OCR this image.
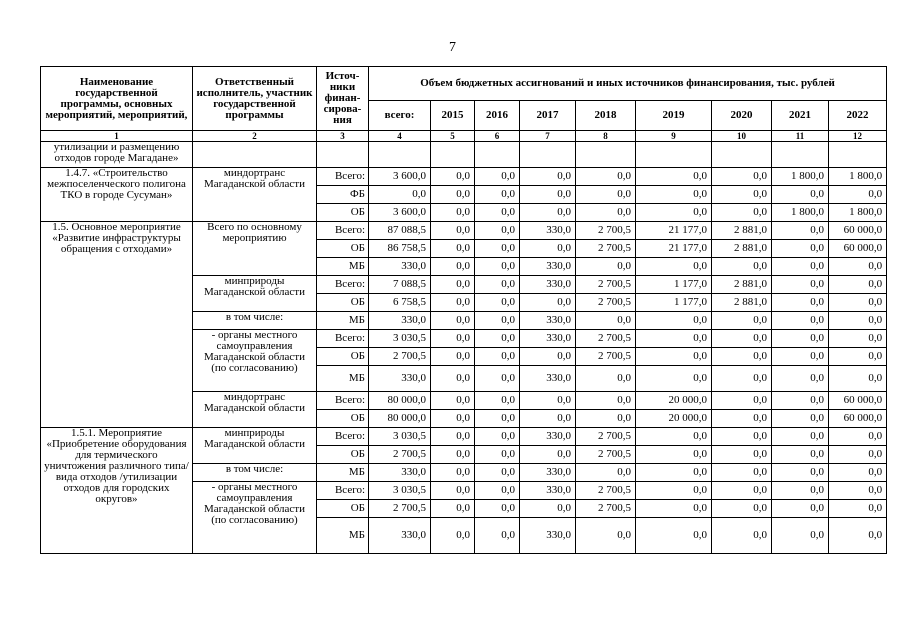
7
Наименование государственной программы, основных мероприятий, мероприятий,	Ответственный исполнитель, участник государственной программы	Источ-ники финан-сирова-ния	Объем бюджетных ассигнований и иных источников финансирования, тыс. рублей								
			всего:	2015	2016	2017	2018	2019	2020	2021	2022
1	2	3	4	5	6	7	8	9	10	11	12
утилизации и размещению отходов городе Магадане»											
1.4.7. «Строительство межпоселенческого полигона ТКО в городе Сусуман»	миндортранс Магаданской области	Всего:	3 600,0	0,0	0,0	0,0	0,0	0,0	0,0	1 800,0	1 800,0
		ФБ	0,0	0,0	0,0	0,0	0,0	0,0	0,0	0,0	0,0
		ОБ	3 600,0	0,0	0,0	0,0	0,0	0,0	0,0	1 800,0	1 800,0
1.5. Основное мероприятие «Развитие инфраструктуры обращения с отходами»	Всего по основному мероприятию	Всего:	87 088,5	0,0	0,0	330,0	2 700,5	21 177,0	2 881,0	0,0	60 000,0
		ОБ	86 758,5	0,0	0,0	0,0	2 700,5	21 177,0	2 881,0	0,0	60 000,0
		МБ	330,0	0,0	0,0	330,0	0,0	0,0	0,0	0,0	0,0
	минприроды Магаданской области	Всего:	7 088,5	0,0	0,0	330,0	2 700,5	1 177,0	2 881,0	0,0	0,0
		ОБ	6 758,5	0,0	0,0	0,0	2 700,5	1 177,0	2 881,0	0,0	0,0
	в том числе:	МБ	330,0	0,0	0,0	330,0	0,0	0,0	0,0	0,0	0,0
	- органы местного самоуправления Магаданской области (по согласованию)	Всего:	3 030,5	0,0	0,0	330,0	2 700,5	0,0	0,0	0,0	0,0
		ОБ	2 700,5	0,0	0,0	0,0	2 700,5	0,0	0,0	0,0	0,0
		МБ	330,0	0,0	0,0	330,0	0,0	0,0	0,0	0,0	0,0
	миндортранс Магаданской области	Всего:	80 000,0	0,0	0,0	0,0	0,0	20 000,0	0,0	0,0	60 000,0
		ОБ	80 000,0	0,0	0,0	0,0	0,0	20 000,0	0,0	0,0	60 000,0
1.5.1. Мероприятие «Приобретение оборудования для термического уничтожения различного типа/вида отходов /утилизации отходов для городских округов»	минприроды Магаданской области	Всего:	3 030,5	0,0	0,0	330,0	2 700,5	0,0	0,0	0,0	0,0
		ОБ	2 700,5	0,0	0,0	0,0	2 700,5	0,0	0,0	0,0	0,0
	в том числе:	МБ	330,0	0,0	0,0	330,0	0,0	0,0	0,0	0,0	0,0
	- органы местного самоуправления Магаданской области (по согласованию)	Всего:	3 030,5	0,0	0,0	330,0	2 700,5	0,0	0,0	0,0	0,0
		ОБ	2 700,5	0,0	0,0	0,0	2 700,5	0,0	0,0	0,0	0,0
		МБ	330,0	0,0	0,0	330,0	0,0	0,0	0,0	0,0	0,0
